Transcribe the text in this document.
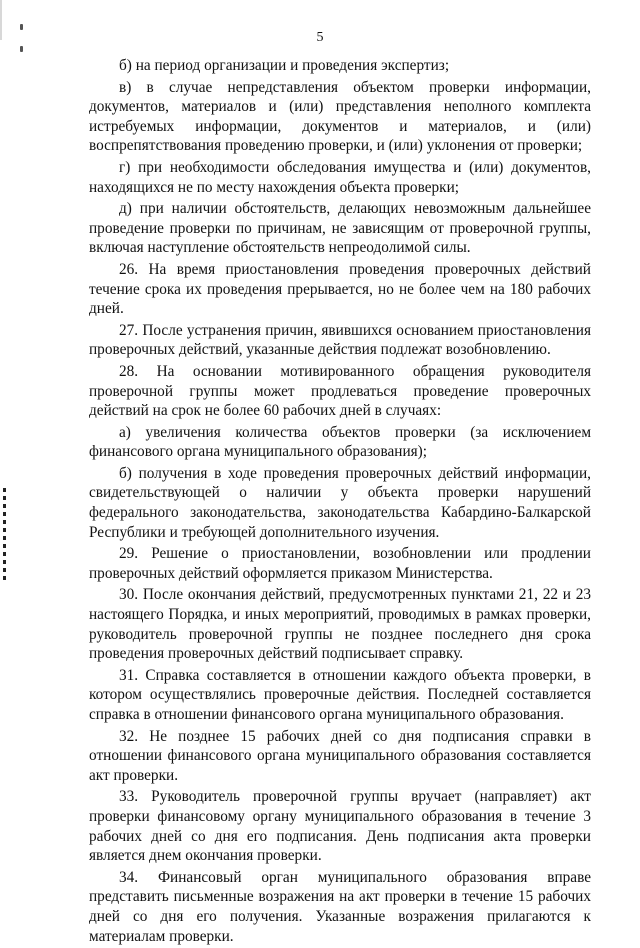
5

б) на период организации и проведения экспертиз;

в) в случае непредставления объектом проверки информации, документов, материалов и (или) представления неполного комплекта истребуемых информации, документов и материалов, и (или) воспрепятствования проведению проверки, и (или) уклонения от проверки;

г) при необходимости обследования имущества и (или) документов, находящихся не по месту нахождения объекта проверки;

д) при наличии обстоятельств, делающих невозможным дальнейшее проведение проверки по причинам, не зависящим от проверочной группы, включая наступление обстоятельств непреодолимой силы.

26. На время приостановления проведения проверочных действий течение срока их проведения прерывается, но не более чем на 180 рабочих дней.

27. После устранения причин, явившихся основанием приостановления проверочных действий, указанные действия подлежат возобновлению.

28. На основании мотивированного обращения руководителя проверочной группы может продлеваться проведение проверочных действий на срок не более 60 рабочих дней в случаях:

а) увеличения количества объектов проверки (за исключением финансового органа муниципального образования);

б) получения в ходе проведения проверочных действий информации, свидетельствующей о наличии у объекта проверки нарушений федерального законодательства, законодательства Кабардино-Балкарской Республики и требующей дополнительного изучения.

29. Решение о приостановлении, возобновлении или продлении проверочных действий оформляется приказом Министерства.

30. После окончания действий, предусмотренных пунктами 21, 22 и 23 настоящего Порядка, и иных мероприятий, проводимых в рамках проверки, руководитель проверочной группы не позднее последнего дня срока проведения проверочных действий подписывает справку.

31. Справка составляется в отношении каждого объекта проверки, в котором осуществлялись проверочные действия. Последней составляется справка в отношении финансового органа муниципального образования.

32. Не позднее 15 рабочих дней со дня подписания справки в отношении финансового органа муниципального образования составляется акт проверки.

33. Руководитель проверочной группы вручает (направляет) акт проверки финансовому органу муниципального образования в течение 3 рабочих дней со дня его подписания. День подписания акта проверки является днем окончания проверки.

34. Финансовый орган муниципального образования вправе представить письменные возражения на акт проверки в течение 15 рабочих дней со дня его получения. Указанные возражения прилагаются к материалам проверки.
